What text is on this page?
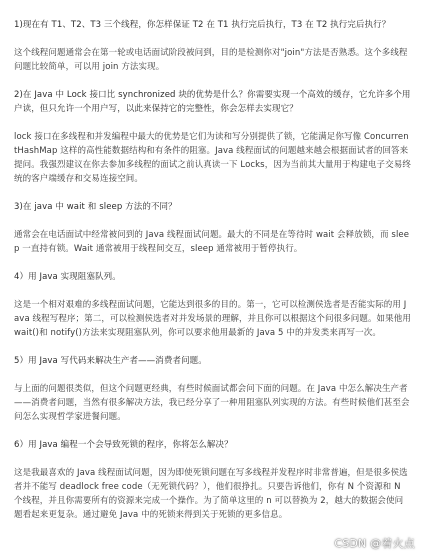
1)现在有 T1、T2、T3 三个线程，你怎样保证 T2 在 T1 执行完后执行，T3 在 T2 执行完后执行？

这个线程问题通常会在第一轮或电话面试阶段被问到，目的是检测你对"join"方法是否熟悉。这个多线程问题比较简单，可以用 join 方法实现。

2)在 Java 中 Lock 接口比 synchronized 块的优势是什么？你需要实现一个高效的缓存，它允许多个用户读，但只允许一个用户写，以此来保持它的完整性，你会怎样去实现它？

lock 接口在多线程和并发编程中最大的优势是它们为读和写分别提供了锁，它能满足你写像 ConcurrentHashMap 这样的高性能数据结构和有条件的阻塞。Java 线程面试的问题越来越会根据面试者的回答来提问。我强烈建议在你去参加多线程的面试之前认真读一下 Locks，因为当前其大量用于构建电子交易终统的客户端缓存和交易连接空间。

3)在 java 中 wait 和 sleep 方法的不同？

通常会在电话面试中经常被问到的 Java 线程面试问题。最大的不同是在等待时 wait 会释放锁，而 sleep 一直持有锁。Wait 通常被用于线程间交互，sleep 通常被用于暂停执行。

4）用 Java 实现阻塞队列。

这是一个相对艰难的多线程面试问题，它能达到很多的目的。第一，它可以检测侯选者是否能实际的用 Java 线程写程序；第二，可以检测侯选者对并发场景的理解，并且你可以根据这个问很多问题。如果他用 wait()和 notify()方法来实现阻塞队列，你可以要求他用最新的 Java 5 中的并发类来再写一次。

5）用 Java 写代码来解决生产者——消费者问题。

与上面的问题很类似，但这个问题更经典，有些时候面试都会问下面的问题。在 Java 中怎么解决生产者——消费者问题，当然有很多解决方法，我已经分享了一种用阻塞队列实现的方法。有些时候他们甚至会问怎么实现哲学家进餐问题。

6）用 Java 编程一个会导致死锁的程序，你将怎么解决？

这是我最喜欢的 Java 线程面试问题，因为即使死锁问题在写多线程并发程序时非常普遍，但是很多侯选者并不能写 deadlock free code（无死锁代码？），他们很挣扎。只要告诉他们，你有 N 个资源和 N 个线程，并且你需要所有的资源来完成一个操作。为了简单这里的 n 可以替换为 2，越大的数据会使问题看起来更复杂。通过避免 Java 中的死锁来得到关于死锁的更多信息。

CSDN @着火点
